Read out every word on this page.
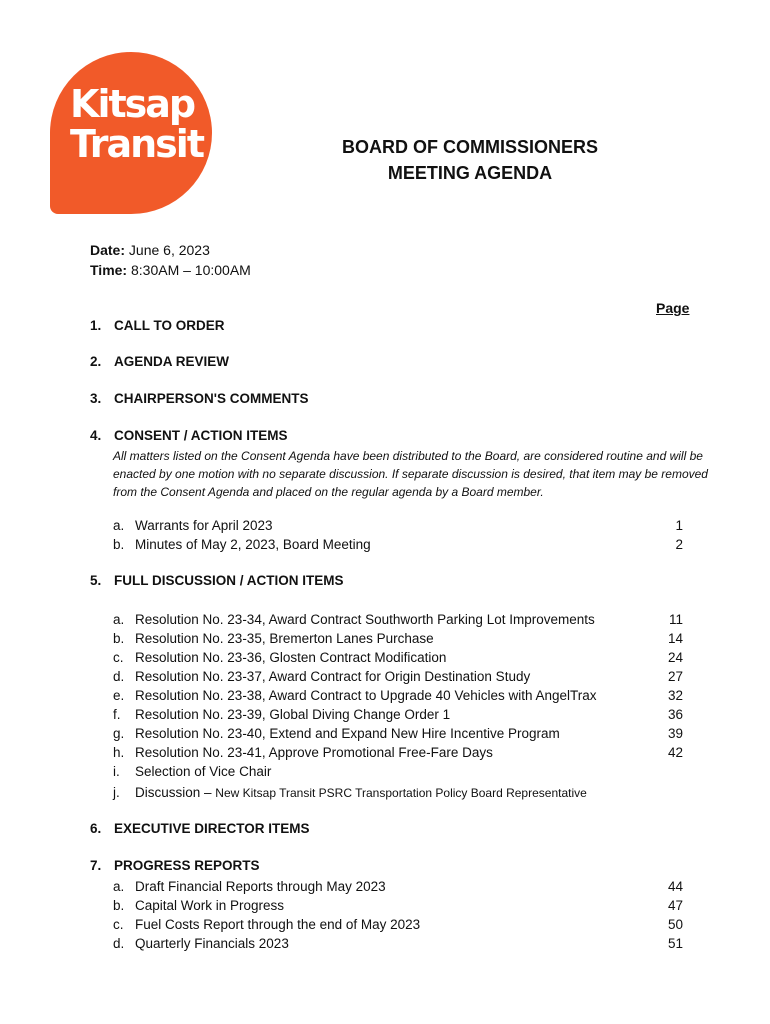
Kitsap
Transit	BOARD OF COMMISSIONERS
MEETING AGENDA
Date: June 6, 2023
Time: 8:30AM – 10:00AM
Page
1. CALL TO ORDER
2. AGENDA REVIEW
3. CHAIRPERSON'S COMMENTS
4. CONSENT / ACTION ITEMS
All matters listed on the Consent Agenda have been distributed to the Board, are considered routine and will be enacted by one motion with no separate discussion. If separate discussion is desired, that item may be removed from the Consent Agenda and placed on the regular agenda by a Board member.
a. Warrants for April 2023	1
b. Minutes of May 2, 2023, Board Meeting	2
5. FULL DISCUSSION / ACTION ITEMS
a. Resolution No. 23-34, Award Contract Southworth Parking Lot Improvements	11
b. Resolution No. 23-35, Bremerton Lanes Purchase	14
c. Resolution No. 23-36, Glosten Contract Modification	24
d. Resolution No. 23-37, Award Contract for Origin Destination Study	27
e. Resolution No. 23-38, Award Contract to Upgrade 40 Vehicles with AngelTrax	32
f.	Resolution No. 23-39, Global Diving Change Order 1	36
g. Resolution No. 23-40, Extend and Expand New Hire Incentive Program	39
h. Resolution No. 23-41, Approve Promotional Free-Fare Days	42
i.	Selection of Vice Chair
j.	Discussion – New Kitsap Transit PSRC Transportation Policy Board Representative
6. EXECUTIVE DIRECTOR ITEMS
7. PROGRESS REPORTS
a. Draft Financial Reports through May 2023	44
b. Capital Work in Progress	47
c. Fuel Costs Report through the end of May 2023	50
d. Quarterly Financials 2023	51
